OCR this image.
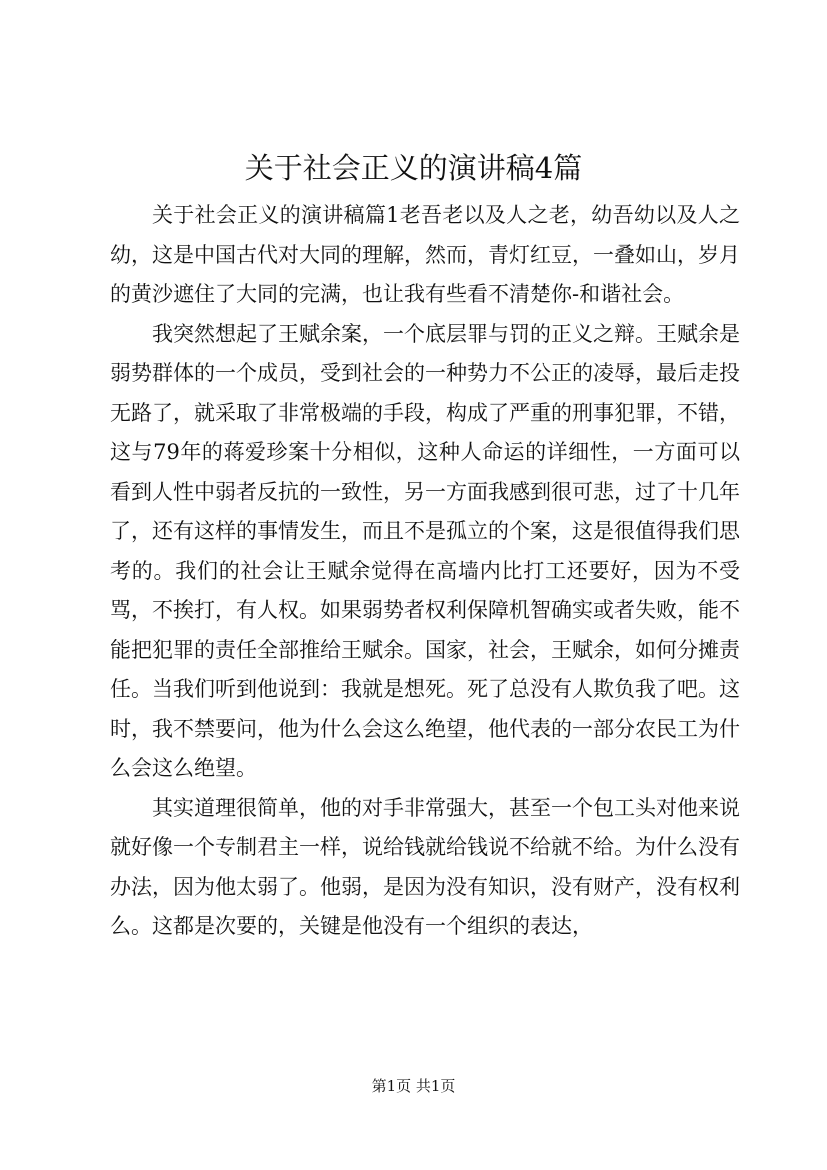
关于社会正义的演讲稿4篇

关于社会正义的演讲稿篇1老吾老以及人之老，幼吾幼以及人之幼，这是中国古代对大同的理解，然而，青灯红豆，一叠如山，岁月的黄沙遮住了大同的完满，也让我有些看不清楚你-和谐社会。

我突然想起了王赋余案，一个底层罪与罚的正义之辩。王赋余是弱势群体的一个成员，受到社会的一种势力不公正的凌辱，最后走投无路了，就采取了非常极端的手段，构成了严重的刑事犯罪，不错，这与79年的蒋爱珍案十分相似，这种人命运的详细性，一方面可以看到人性中弱者反抗的一致性，另一方面我感到很可悲，过了十几年了，还有这样的事情发生，而且不是孤立的个案，这是很值得我们思考的。我们的社会让王赋余觉得在高墙内比打工还要好，因为不受骂，不挨打，有人权。如果弱势者权利保障机智确实或者失败，能不能把犯罪的责任全部推给王赋余。国家，社会，王赋余，如何分摊责任。当我们听到他说到：我就是想死。死了总没有人欺负我了吧。这时，我不禁要问，他为什么会这么绝望，他代表的一部分农民工为什么会这么绝望。

其实道理很简单，他的对手非常强大，甚至一个包工头对他来说就好像一个专制君主一样，说给钱就给钱说不给就不给。为什么没有办法，因为他太弱了。他弱，是因为没有知识，没有财产，没有权利么。这都是次要的，关键是他没有一个组织的表达，

第1页 共1页
